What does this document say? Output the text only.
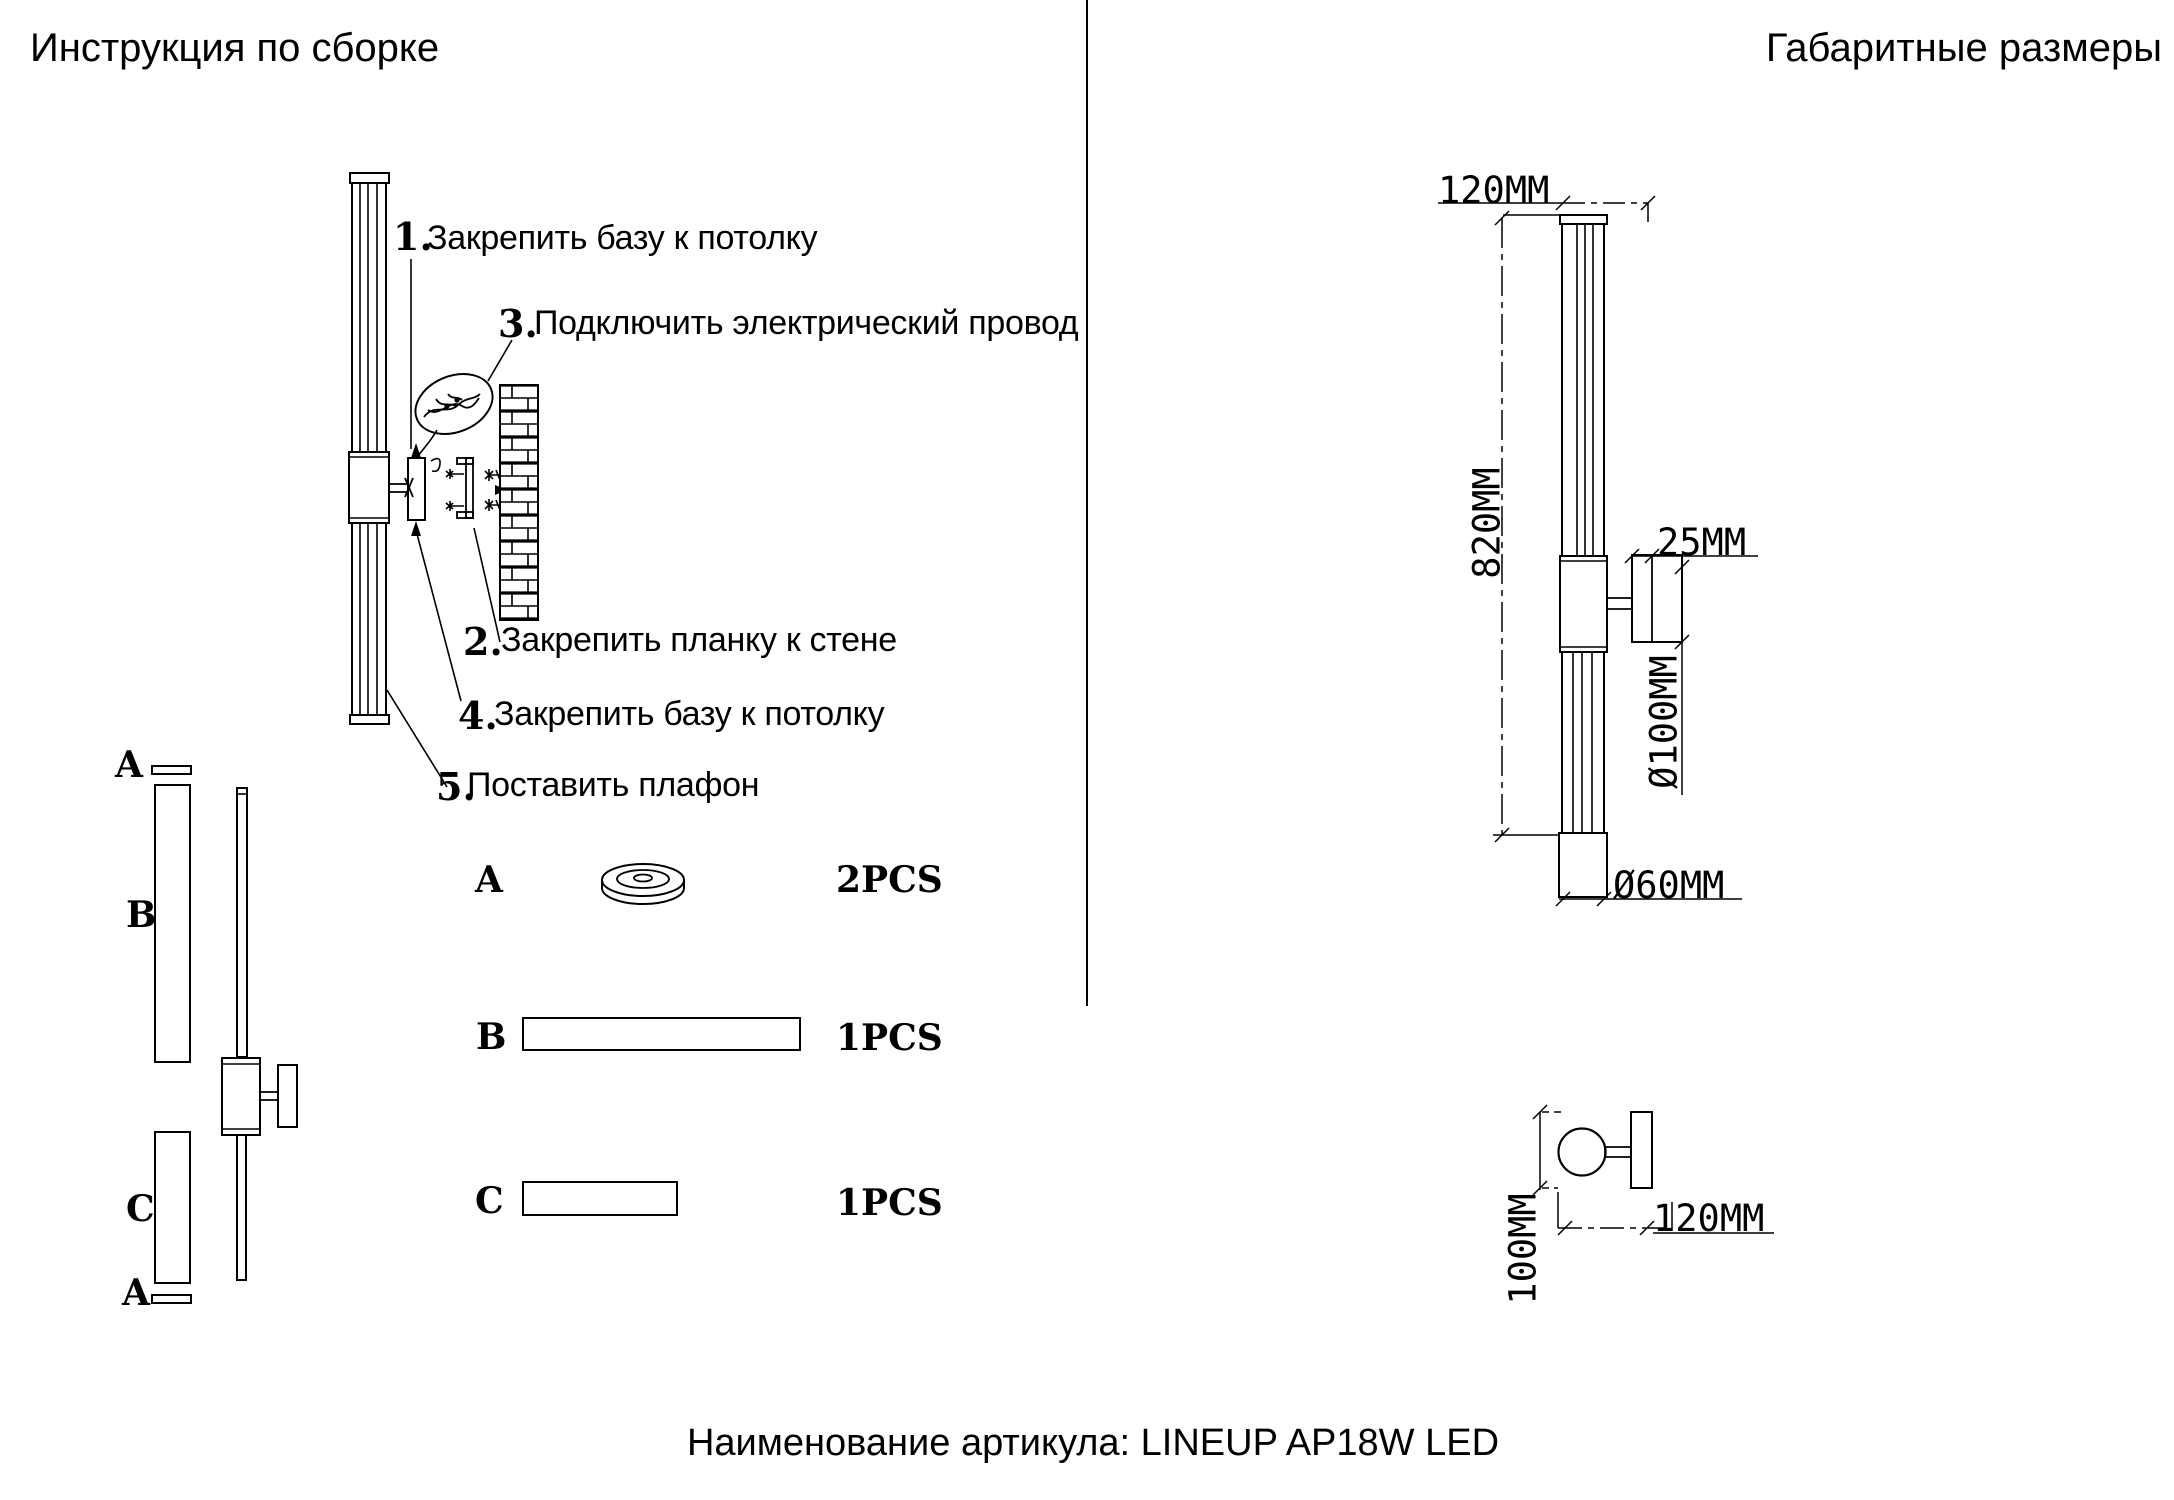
Инструкция по сборке	Габаритные размеры
1.
Закрепить базу к потолку
3.
Подключить электрический провод
2.
Закрепить планку к стене
4.
Закрепить базу к потолку
5.
Поставить плафон
A
B
C
A
A	2PCS
B	1PCS
C	1PCS
120MM
820MM	25MM
Ø100MM
Ø60MM
100MM	120MM
Наименование артикула: LINEUP AP18W LED
